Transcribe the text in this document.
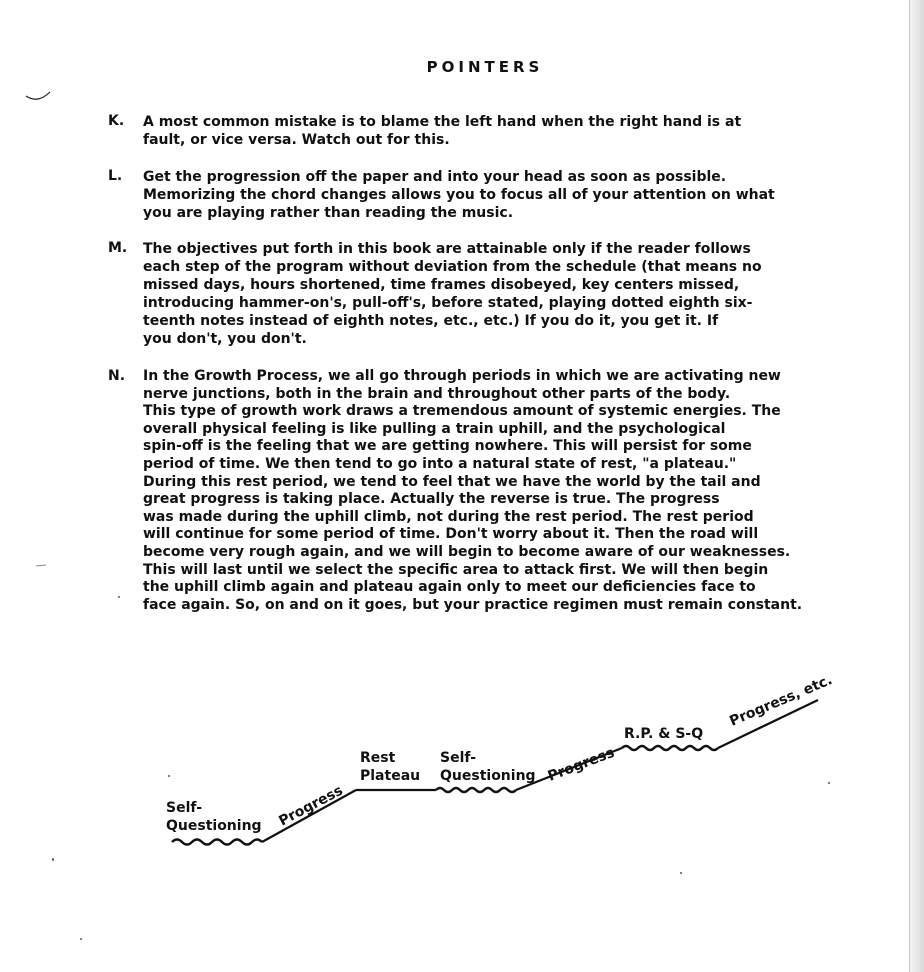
POINTERS
K. A most common mistake is to blame the left hand when the right hand is at
fault, or vice versa. Watch out for this.
L. Get the progression off the paper and into your head as soon as possible.
Memorizing the chord changes allows you to focus all of your attention on what
you are playing rather than reading the music.
M. The objectives put forth in this book are attainable only if the reader follows
each step of the program without deviation from the schedule (that means no
missed days, hours shortened, time frames disobeyed, key centers missed,
introducing hammer-on's, pull-off's, before stated, playing dotted eighth six-
teenth notes instead of eighth notes, etc., etc.) If you do it, you get it. If
you don't, you don't.
N. In the Growth Process, we all go through periods in which we are activating new
nerve junctions, both in the brain and throughout other parts of the body.
This type of growth work draws a tremendous amount of systemic energies. The
overall physical feeling is like pulling a train uphill, and the psychological
spin-off is the feeling that we are getting nowhere. This will persist for some
period of time. We then tend to go into a natural state of rest, "a plateau."
During this rest period, we tend to feel that we have the world by the tail and
great progress is taking place. Actually the reverse is true. The progress
was made during the uphill climb, not during the rest period. The rest period
will continue for some period of time. Don't worry about it. Then the road will
become very rough again, and we will begin to become aware of our weaknesses.
This will last until we select the specific area to attack first. We will then begin
the uphill climb again and plateau again only to meet our deficiencies face to
face again. So, on and on it goes, but your practice regimen must remain constant.
Self-
Questioning Progress
Rest
Plateau
Self-
Questioning Progress
R.P. & S-Q
Progress, etc.
